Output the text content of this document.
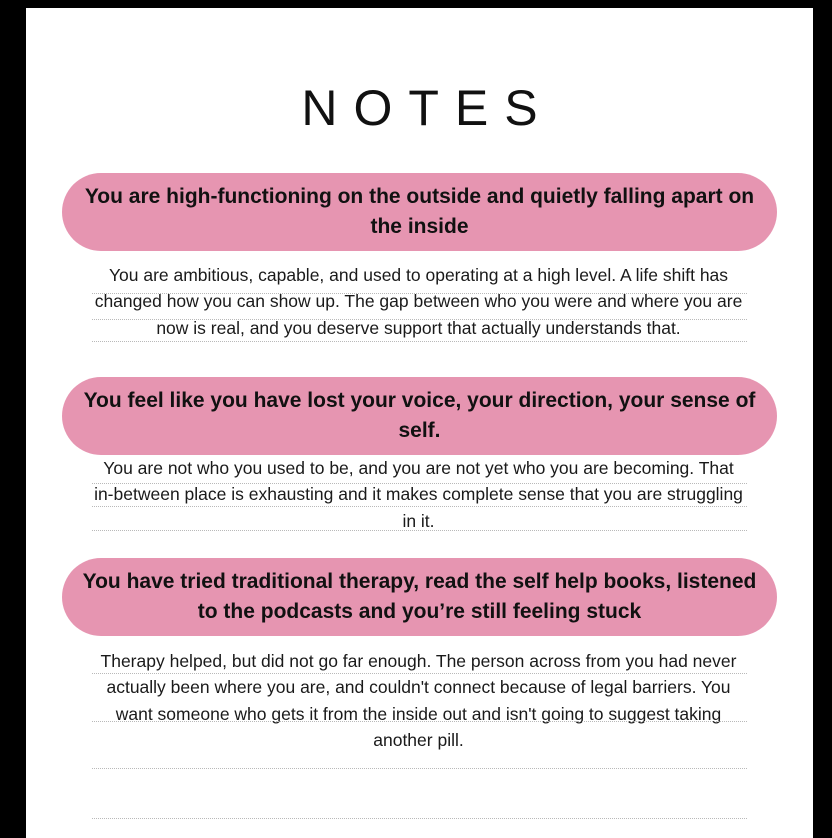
NOTES
You are high-functioning on the outside and quietly falling apart on the inside
You are ambitious, capable, and used to operating at a high level. A life shift has changed how you can show up. The gap between who you were and where you are now is real, and you deserve support that actually understands that.
You feel like you have lost your voice, your direction, your sense of self.
You are not who you used to be, and you are not yet who you are becoming. That in-between place is exhausting and it makes complete sense that you are struggling in it.
You have tried traditional therapy, read the self help books, listened to the podcasts and you’re still feeling stuck
Therapy helped, but did not go far enough. The person across from you had never actually been where you are, and couldn't connect because of legal barriers. You want someone who gets it from the inside out and isn't going to suggest taking another pill.
